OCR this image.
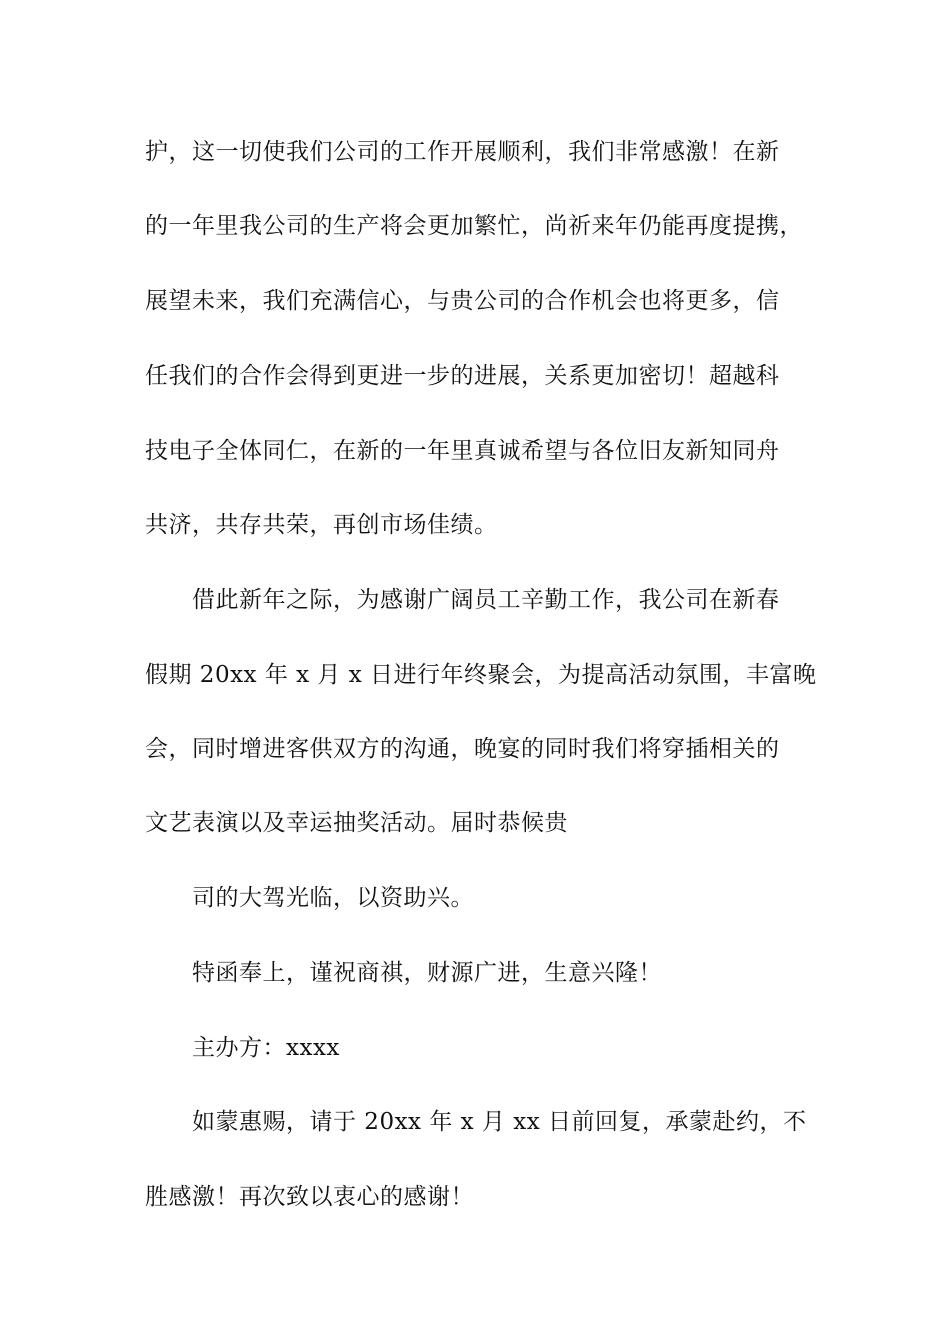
护，这一切使我们公司的工作开展顺利，我们非常感激！在新
的一年里我公司的生产将会更加繁忙，尚祈来年仍能再度提携，
展望未来，我们充满信心，与贵公司的合作机会也将更多，信
任我们的合作会得到更进一步的进展，关系更加密切！超越科
技电子全体同仁，在新的一年里真诚希望与各位旧友新知同舟
共济，共存共荣，再创市场佳绩。
借此新年之际，为感谢广阔员工辛勤工作，我公司在新春
假期 20xx 年 x 月 x 日进行年终聚会，为提高活动氛围，丰富晚
会，同时增进客供双方的沟通，晚宴的同时我们将穿插相关的
文艺表演以及幸运抽奖活动。届时恭候贵
司的大驾光临，以资助兴。
特函奉上，谨祝商祺，财源广进，生意兴隆！
主办方：xxxx
如蒙惠赐，请于 20xx 年 x 月 xx 日前回复，承蒙赴约，不
胜感激！再次致以衷心的感谢！
